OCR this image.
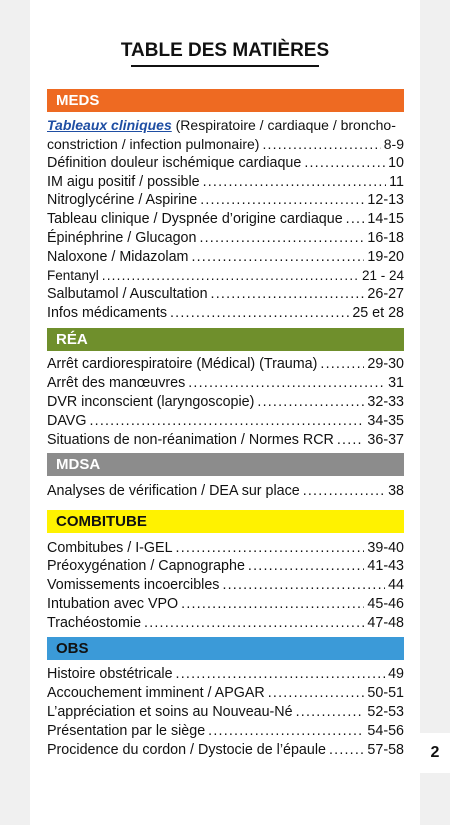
TABLE DES MATIÈRES
MEDS
Tableaux cliniques (Respiratoire / cardiaque / broncho-
constriction / infection pulmonaire) .....	8-9
Définition douleur ischémique cardiaque .....	10
IM aigu positif / possible .....	11
Nitroglycérine / Aspirine .....	12-13
Tableau clinique / Dyspnée d’origine cardiaque ..... 14-15
Épinéphrine / Glucagon .....	16-18
Naloxone / Midazolam .....	19-20
Fentanyl .....	21 - 24
Salbutamol / Auscultation .....	26-27
Infos médicaments .....	25 et 28
RÉA
Arrêt cardiorespiratoire (Médical) (Trauma) .....	29-30
Arrêt des manœuvres .....	31
DVR inconscient (laryngoscopie) .....	32-33
DAVG .....	34-35
Situations de non-réanimation / Normes RCR ..... 36-37
MDSA
Analyses de vérification / DEA sur place .....	38
COMBITUBE
Combitubes / I-GEL .....	39-40
Préoxygénation / Capnographe .....	41-43
Vomissements incoercibles .....	44
Intubation avec VPO .....	45-46
Trachéostomie .....	47-48
OBS
Histoire obstétricale .....	49
Accouchement imminent / APGAR .....	50-51
L’appréciation et soins au Nouveau-Né .....	52-53
Présentation par le siège .....	54-56
Procidence du cordon / Dystocie de l’épaule .....	57-58	2
